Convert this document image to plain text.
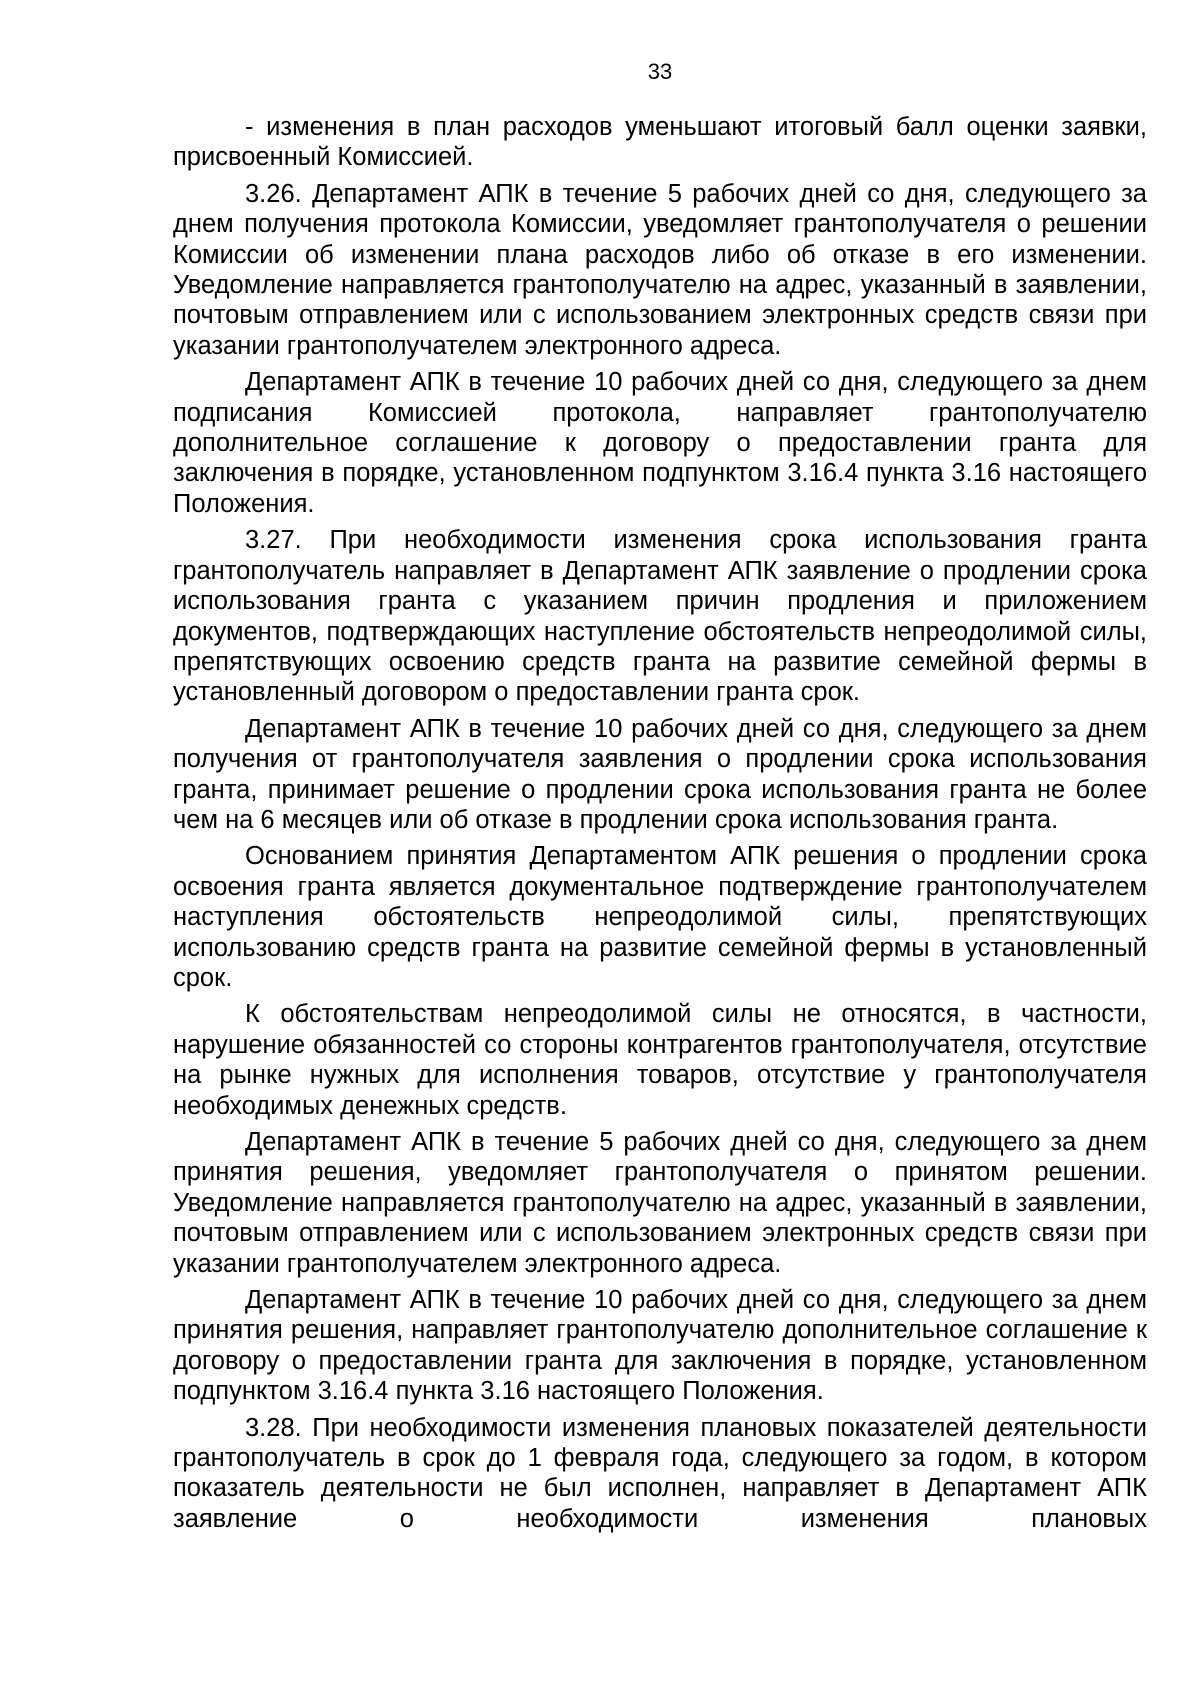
33

- изменения в план расходов уменьшают итоговый балл оценки заявки, присвоенный Комиссией.

3.26. Департамент АПК в течение 5 рабочих дней со дня, следующего за днем получения протокола Комиссии, уведомляет грантополучателя о решении Комиссии об изменении плана расходов либо об отказе в его изменении. Уведомление направляется грантополучателю на адрес, указанный в заявлении, почтовым отправлением или с использованием электронных средств связи при указании грантополучателем электронного адреса.

Департамент АПК в течение 10 рабочих дней со дня, следующего за днем подписания Комиссией протокола, направляет грантополучателю дополнительное соглашение к договору о предоставлении гранта для заключения в порядке, установленном подпунктом 3.16.4 пункта 3.16 настоящего Положения.

3.27. При необходимости изменения срока использования гранта грантополучатель направляет в Департамент АПК заявление о продлении срока использования гранта с указанием причин продления и приложением документов, подтверждающих наступление обстоятельств непреодолимой силы, препятствующих освоению средств гранта на развитие семейной фермы в установленный договором о предоставлении гранта срок.

Департамент АПК в течение 10 рабочих дней со дня, следующего за днем получения от грантополучателя заявления о продлении срока использования гранта, принимает решение о продлении срока использования гранта не более чем на 6 месяцев или об отказе в продлении срока использования гранта.

Основанием принятия Департаментом АПК решения о продлении срока освоения гранта является документальное подтверждение грантополучателем наступления обстоятельств непреодолимой силы, препятствующих использованию средств гранта на развитие семейной фермы в установленный срок.

К обстоятельствам непреодолимой силы не относятся, в частности, нарушение обязанностей со стороны контрагентов грантополучателя, отсутствие на рынке нужных для исполнения товаров, отсутствие у грантополучателя необходимых денежных средств.

Департамент АПК в течение 5 рабочих дней со дня, следующего за днем принятия решения, уведомляет грантополучателя о принятом решении. Уведомление направляется грантополучателю на адрес, указанный в заявлении, почтовым отправлением или с использованием электронных средств связи при указании грантополучателем электронного адреса.

Департамент АПК в течение 10 рабочих дней со дня, следующего за днем принятия решения, направляет грантополучателю дополнительное соглашение к договору о предоставлении гранта для заключения в порядке, установленном подпунктом 3.16.4 пункта 3.16 настоящего Положения.

3.28. При необходимости изменения плановых показателей деятельности грантополучатель в срок до 1 февраля года, следующего за годом, в котором показатель деятельности не был исполнен, направляет в Департамент АПК заявление о необходимости изменения плановых
